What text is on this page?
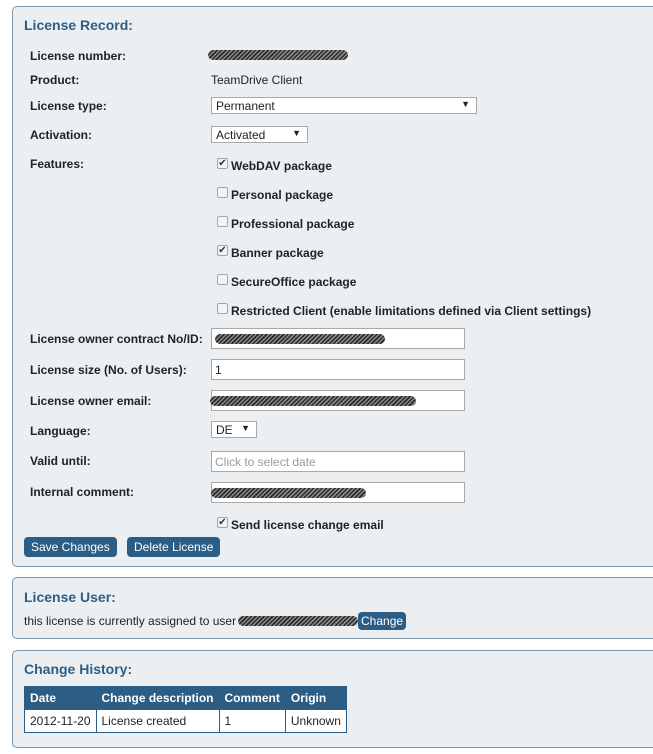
License Record:
License number:
Product:	TeamDrive Client
License type:	Permanent	▼
Activation:	Activated	▼
Features:	✔ WebDAV package
Personal package
Professional package
✔ Banner package
SecureOffice package
Restricted Client (enable limitations defined via Client settings)
License owner contract No/ID:
License size (No. of Users):	1
License owner email:
Language:	DE ▼
Valid until:	Click to select date
Internal comment:
✔ Send license change email
Save Changes	Delete License
License User:
this license is currently assigned to user	Change
Change History:
Date	Change description	Comment	Origin
2012-11-20	License created	1	Unknown
